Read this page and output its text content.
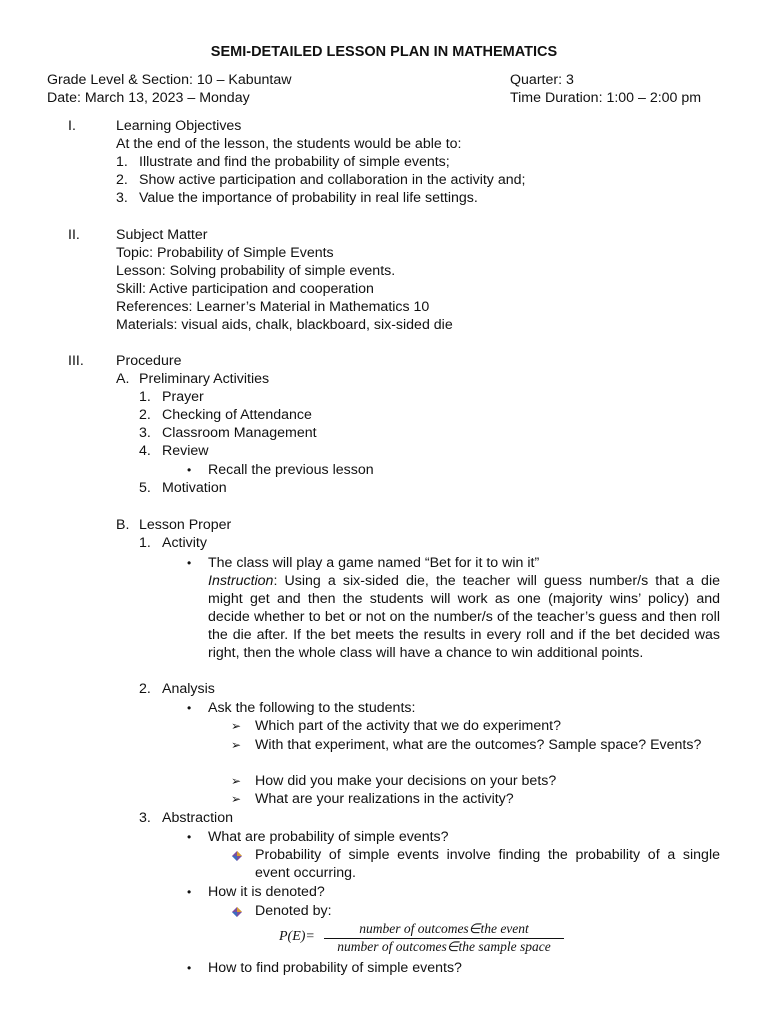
SEMI-DETAILED LESSON PLAN IN MATHEMATICS
Grade Level & Section: 10 – Kabuntaw
Date: March 13, 2023 – Monday
Quarter: 3
Time Duration: 1:00 – 2:00 pm
I.	Learning Objectives
At the end of the lesson, the students would be able to:
1. Illustrate and find the probability of simple events;
2. Show active participation and collaboration in the activity and;
3. Value the importance of probability in real life settings.
II.	Subject Matter
Topic: Probability of Simple Events
Lesson: Solving probability of simple events.
Skill: Active participation and cooperation
References: Learner’s Material in Mathematics 10
Materials: visual aids, chalk, blackboard, six-sided die
III. Procedure
A. Preliminary Activities
1. Prayer
2. Checking of Attendance
3. Classroom Management
4. Review
• Recall the previous lesson
5. Motivation
B. Lesson Proper
1. Activity
• The class will play a game named “Bet for it to win it”
Instruction: Using a six-sided die, the teacher will guess number/s that a die might get and then the students will work as one (majority wins’ policy) and decide whether to bet or not on the number/s of the teacher’s guess and then roll the die after. If the bet meets the results in every roll and if the bet decided was right, then the whole class will have a chance to win additional points.
2. Analysis
• Ask the following to the students:
➢ Which part of the activity that we do experiment?
➢ With that experiment, what are the outcomes? Sample space? Events?
➢ How did you make your decisions on your bets?
➢ What are your realizations in the activity?
3. Abstraction
• What are probability of simple events?
Probability of simple events involve finding the probability of a single event occurring.
• How it is denoted?
Denoted by:
P(E)=
number of outcomes∈the event
number of outcomes∈the sample space
• How to find probability of simple events?
